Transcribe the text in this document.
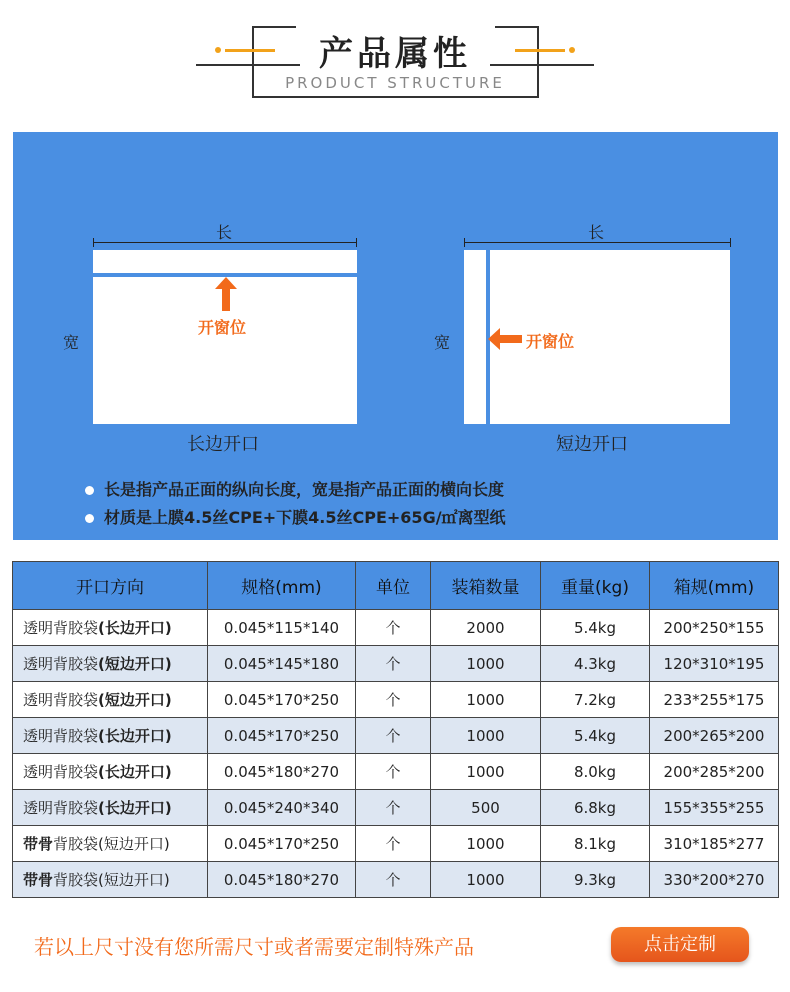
产品属性
PRODUCT STRUCTURE
长
宽
开窗位
长边开口
长
宽	开窗位
短边开口
长是指产品正面的纵向长度，宽是指产品正面的横向长度
材质是上膜4.5丝CPE+下膜4.5丝CPE+65G/㎡离型纸
开口方向	规格(mm)	单位	装箱数量	重量(kg)	箱规(mm)
透明背胶袋(长边开口)	0.045*115*140	个	2000	5.4kg	200*250*155
透明背胶袋(短边开口)	0.045*145*180	个	1000	4.3kg	120*310*195
透明背胶袋(短边开口)	0.045*170*250	个	1000	7.2kg	233*255*175
透明背胶袋(长边开口)	0.045*170*250	个	1000	5.4kg	200*265*200
透明背胶袋(长边开口)	0.045*180*270	个	1000	8.0kg	200*285*200
透明背胶袋(长边开口)	0.045*240*340	个	500	6.8kg	155*355*255
带骨背胶袋(短边开口)	0.045*170*250	个	1000	8.1kg	310*185*277
带骨背胶袋(短边开口)	0.045*180*270	个	1000	9.3kg	330*200*270
若以上尺寸没有您所需尺寸或者需要定制特殊产品	点击定制
